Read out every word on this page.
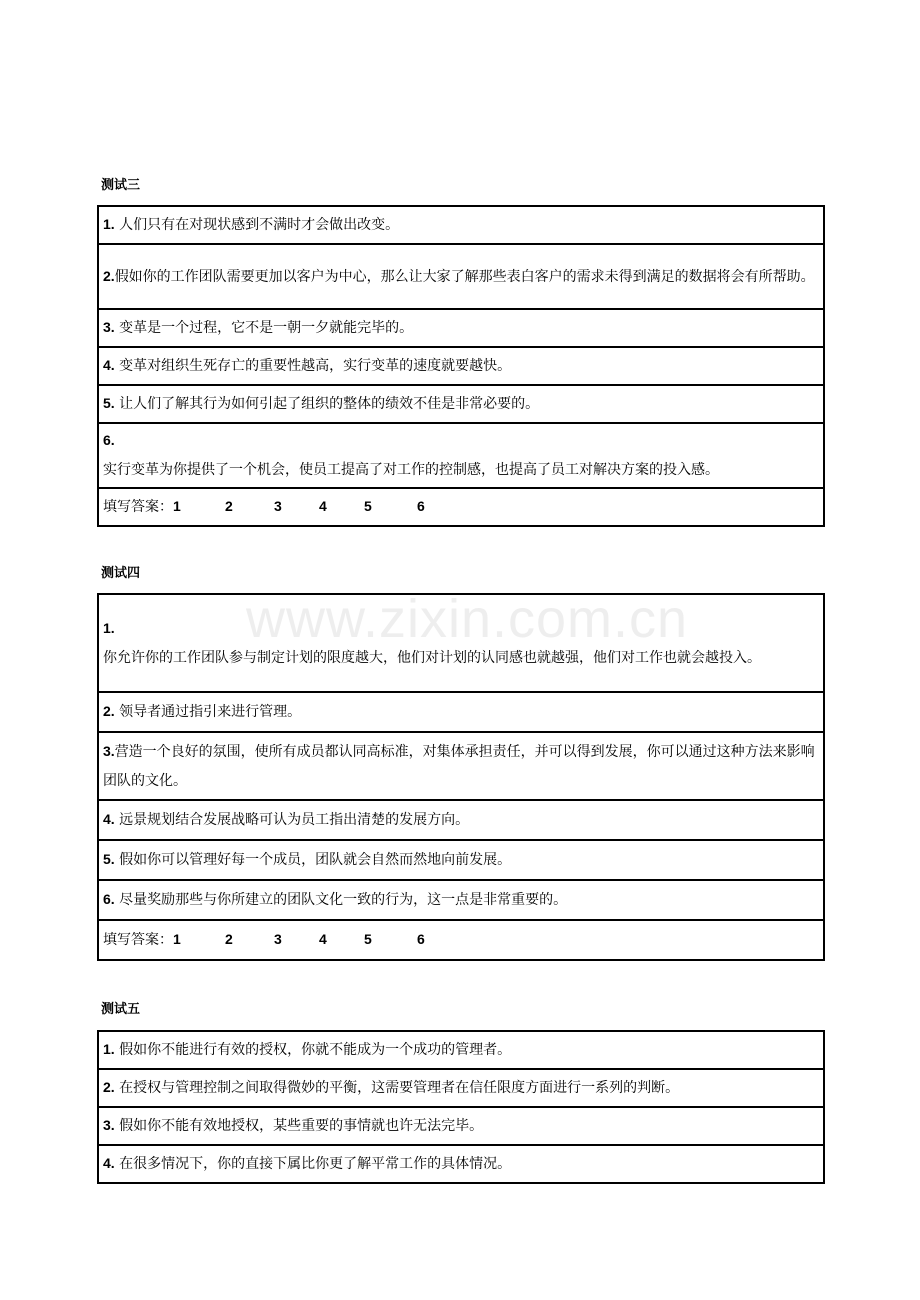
www.zixin.com.cn
测试三
1. 人们只有在对现状感到不满时才会做出改变。
2.假如你的工作团队需要更加以客户为中心，那么让大家了解那些表白客户的需求未得到满足的数据将会有所帮助。
3. 变革是一个过程，它不是一朝一夕就能完毕的。
4. 变革对组织生死存亡的重要性越高，实行变革的速度就要越快。
5. 让人们了解其行为如何引起了组织的整体的绩效不佳是非常必要的。
6.
实行变革为你提供了一个机会，使员工提高了对工作的控制感，也提高了员工对解决方案的投入感。
填写答案：1	2	3	4	5	6
测试四
1.
你允许你的工作团队参与制定计划的限度越大，他们对计划的认同感也就越强，他们对工作也就会越投入。
2. 领导者通过指引来进行管理。
3.营造一个良好的氛围，使所有成员都认同高标准，对集体承担责任，并可以得到发展，你可以通过这种方法来影响团队的文化。
4. 远景规划结合发展战略可认为员工指出清楚的发展方向。
5. 假如你可以管理好每一个成员，团队就会自然而然地向前发展。
6. 尽量奖励那些与你所建立的团队文化一致的行为，这一点是非常重要的。
填写答案：1	2	3	4	5	6
测试五
1. 假如你不能进行有效的授权，你就不能成为一个成功的管理者。
2. 在授权与管理控制之间取得微妙的平衡，这需要管理者在信任限度方面进行一系列的判断。
3. 假如你不能有效地授权，某些重要的事情就也许无法完毕。
4. 在很多情况下，你的直接下属比你更了解平常工作的具体情况。
